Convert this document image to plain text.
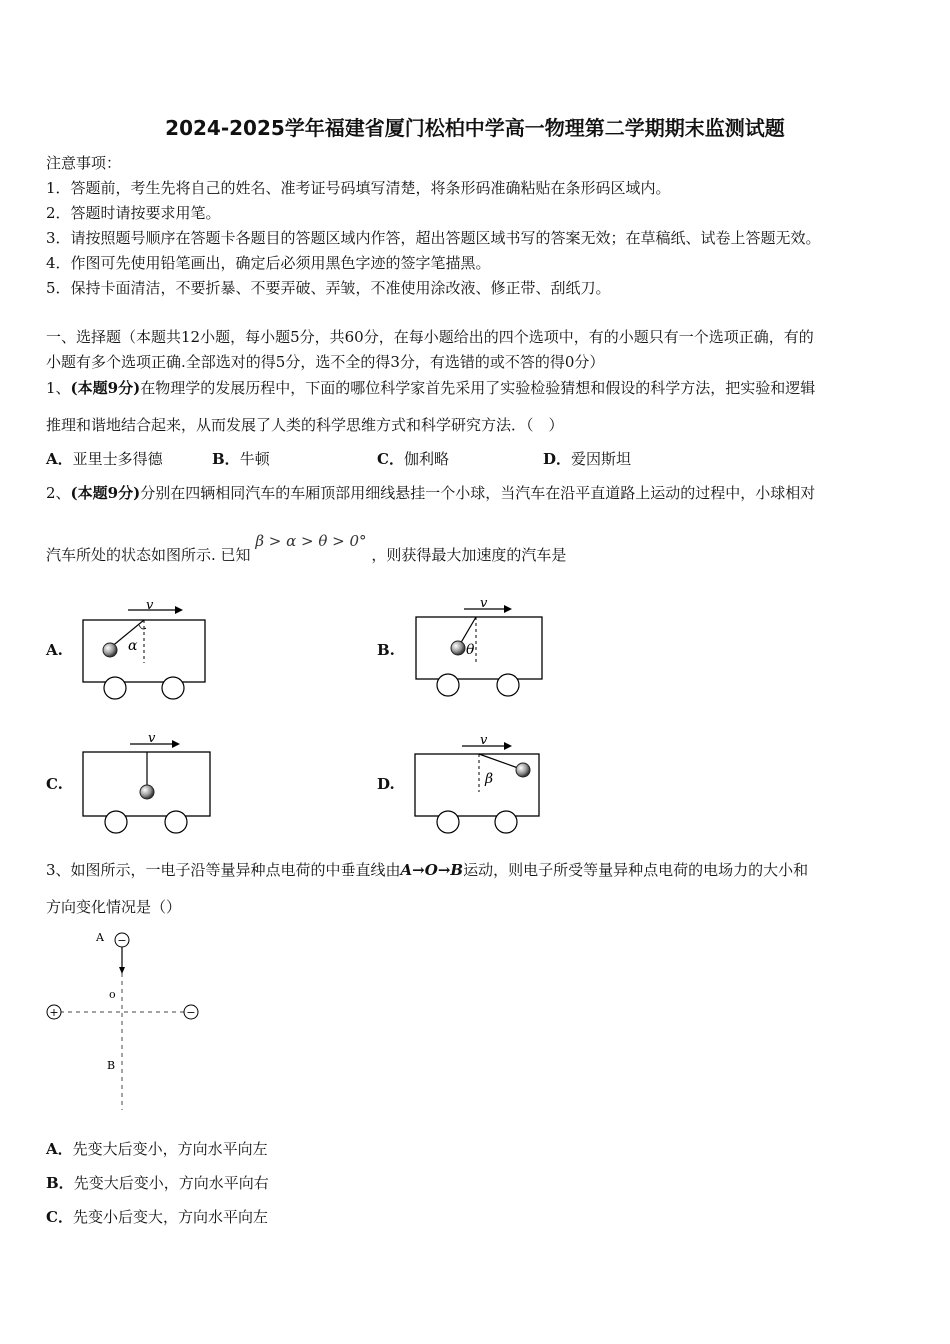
2024-2025学年福建省厦门松柏中学高一物理第二学期期末监测试题
注意事项：
1．答题前，考生先将自己的姓名、准考证号码填写清楚，将条形码准确粘贴在条形码区域内。
2．答题时请按要求用笔。
3．请按照题号顺序在答题卡各题目的答题区域内作答，超出答题区域书写的答案无效；在草稿纸、试卷上答题无效。
4．作图可先使用铅笔画出，确定后必须用黑色字迹的签字笔描黑。
5．保持卡面清洁，不要折暴、不要弄破、弄皱，不准使用涂改液、修正带、刮纸刀。
一、选择题（本题共12小题，每小题5分，共60分，在每小题给出的四个选项中，有的小题只有一个选项正确，有的
小题有多个选项正确.全部选对的得5分，选不全的得3分，有选错的或不答的得0分）
1、(本题9分)在物理学的发展历程中，下面的哪位科学家首先采用了实验检验猜想和假设的科学方法，把实验和逻辑
推理和谐地结合起来，从而发展了人类的科学思维方式和科学研究方法．（　）
A．亚里士多得德	B．牛顿	C．伽利略	D．爱因斯坦
2、(本题9分)分别在四辆相同汽车的车厢顶部用细线悬挂一个小球，当汽车在沿平直道路上运动的过程中，小球相对
汽车所处的状态如图所示. 已知 β > α > θ > 0° ，则获得最大加速度的汽车是
A.	B.
C.	D.
v
α
v
θ
v	v
β
3、如图所示，一电子沿等量异种点电荷的中垂直线由A→O→B运动，则电子所受等量异种点电荷的电场力的大小和
方向变化情况是（）
−
A
o
B
+	−
A．先变大后变小，方向水平向左
B．先变大后变小，方向水平向右
C．先变小后变大，方向水平向左
